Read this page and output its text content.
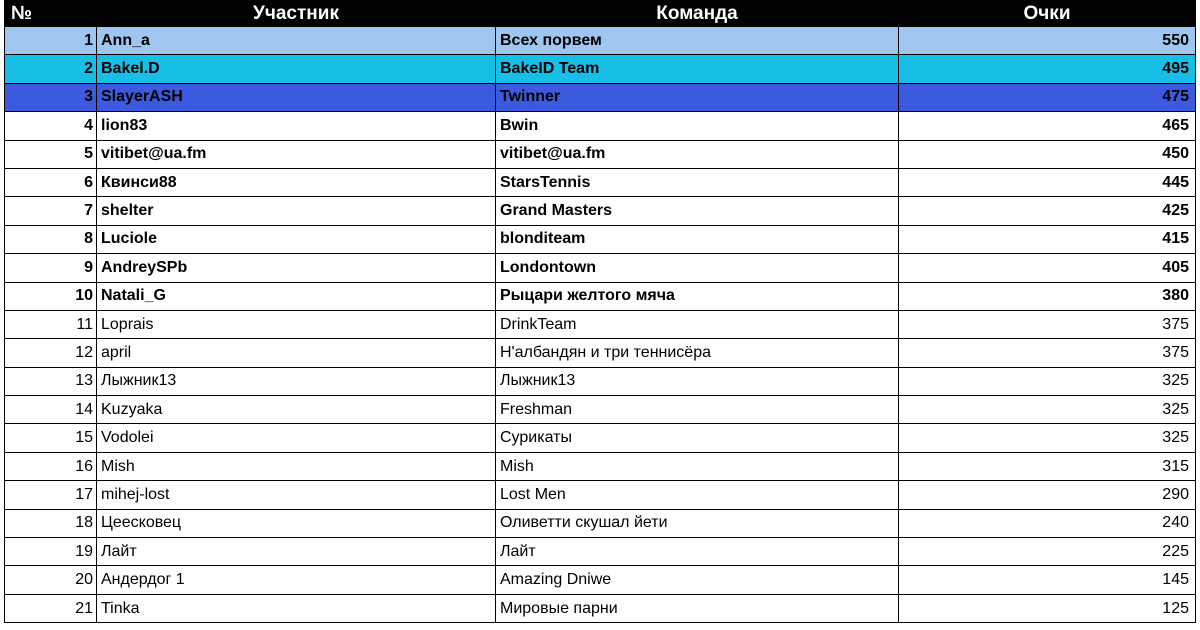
№	Участник	Команда	Очки
1	Ann_a	Всех порвем	550
2	Bakel.D	BakeID Team	495
3	SlayerASH	Twinner	475
4	lion83	Bwin	465
5	vitibet@ua.fm	vitibet@ua.fm	450
6	Квинси88	StarsTennis	445
7	shelter	Grand Masters	425
8	Luciole	blonditeam	415
9	AndreySPb	Londontown	405
10	Natali_G	Рыцари желтого мяча	380
11	Loprais	DrinkTeam	375
12	april	Н'албандян и три теннисёра	375
13	Лыжник13	Лыжник13	325
14	Kuzyaka	Freshman	325
15	Vodolei	Сурикаты	325
16	Mish	Mish	315
17	mihej-lost	Lost Men	290
18	Цеесковец	Оливетти скушал йети	240
19	Лайт	Лайт	225
20	Андердог 1	Amazing Dniwe	145
21	Tinka	Мировые парни	125
